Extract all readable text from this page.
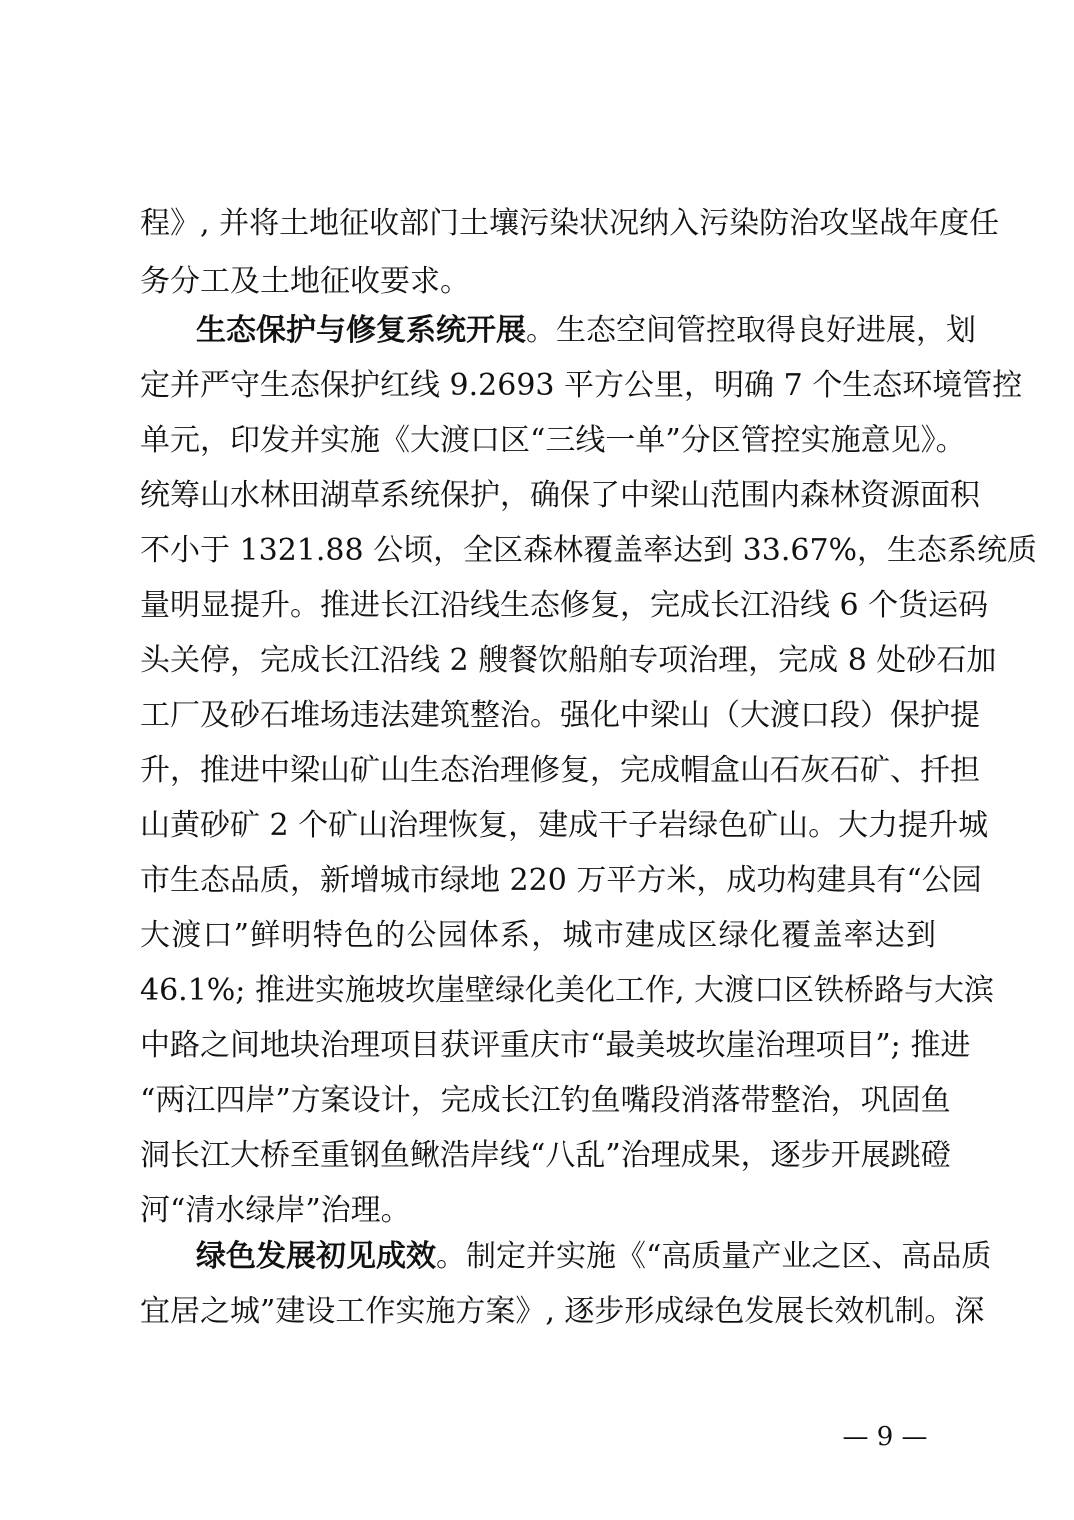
程》, 并将土地征收部门土壤污染状况纳入污染防治攻坚战年度任
务分工及土地征收要求。
生态保护与修复系统开展。生态空间管控取得良好进展，划
定并严守生态保护红线 9.2693 平方公里，明确 7 个生态环境管控
单元，印发并实施《大渡口区“三线一单”分区管控实施意见》。
统筹山水林田湖草系统保护，确保了中梁山范围内森林资源面积
不小于 1321.88 公顷，全区森林覆盖率达到 33.67%，生态系统质
量明显提升。推进长江沿线生态修复，完成长江沿线 6 个货运码
头关停，完成长江沿线 2 艘餐饮船舶专项治理，完成 8 处砂石加
工厂及砂石堆场违法建筑整治。强化中梁山（大渡口段）保护提
升，推进中梁山矿山生态治理修复，完成帽盒山石灰石矿、扦担
山黄砂矿 2 个矿山治理恢复，建成干子岩绿色矿山。大力提升城
市生态品质，新增城市绿地 220 万平方米，成功构建具有“公园
大渡口”鲜明特色的公园体系，城市建成区绿化覆盖率达到
46.1%; 推进实施坡坎崖壁绿化美化工作, 大渡口区铁桥路与大滨
中路之间地块治理项目获评重庆市“最美坡坎崖治理项目”; 推进
“两江四岸”方案设计，完成长江钓鱼嘴段消落带整治，巩固鱼
洞长江大桥至重钢鱼鳅浩岸线“八乱”治理成果，逐步开展跳磴
河“清水绿岸”治理。
绿色发展初见成效。制定并实施《“高质量产业之区、高品质
宜居之城”建设工作实施方案》, 逐步形成绿色发展长效机制。深
— 9 —
